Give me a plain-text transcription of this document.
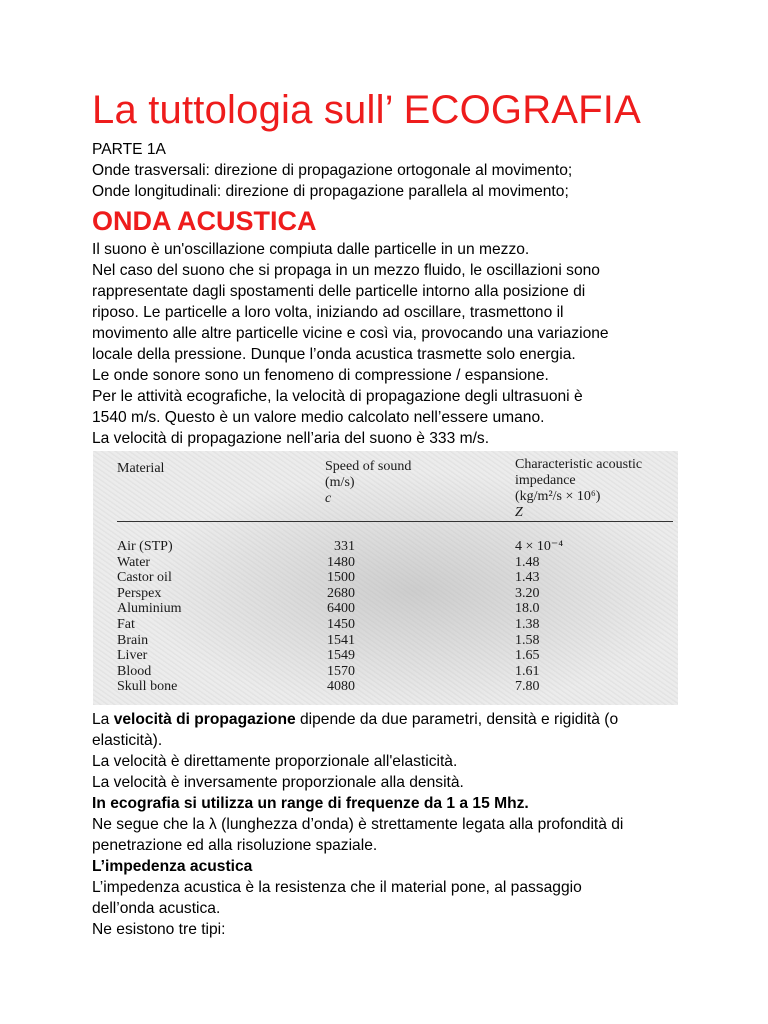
La tuttologia sull’ ECOGRAFIA

PARTE 1A

Onde trasversali: direzione di propagazione ortogonale al movimento;

Onde longitudinali: direzione di propagazione parallela al movimento;

ONDA ACUSTICA

Il suono è un'oscillazione compiuta dalle particelle in un mezzo.

Nel caso del suono che si propaga in un mezzo fluido, le oscillazioni sono

rappresentate dagli spostamenti delle particelle intorno alla posizione di

riposo. Le particelle a loro volta, iniziando ad oscillare, trasmettono il

movimento alle altre particelle vicine e così via, provocando una variazione

locale della pressione. Dunque l’onda acustica trasmette solo energia.

Le onde sonore sono un fenomeno di compressione / espansione.

Per le attività ecografiche, la velocità di propagazione degli ultrasuoni è

1540 m/s. Questo è un valore medio calcolato nell’essere umano.

La velocità di propagazione nell’aria del suono è 333 m/s.

Material	Speed of sound
(m/s)
c
Characteristic acoustic
impedance
(kg/m²/s × 10⁶)
Z
Air (STP)
Water
Castor oil
Perspex
Aluminium
Fat
Brain
Liver
Blood
Skull bone
331
1480
1500
2680
6400
1450
1541
1549
1570
4080
4 × 10⁻⁴
1.48
1.43
3.20
18.0
1.38
1.58
1.65
1.61
7.80

La velocità di propagazione dipende da due parametri, densità e rigidità (o

elasticità).

La velocità è direttamente proporzionale all'elasticità.

La velocità è inversamente proporzionale alla densità.

In ecografia si utilizza un range di frequenze da 1 a 15 Mhz.

Ne segue che la λ (lunghezza d’onda) è strettamente legata alla profondità di

penetrazione ed alla risoluzione spaziale.

L’impedenza acustica

L’impedenza acustica è la resistenza che il material pone, al passaggio

dell’onda acustica.

Ne esistono tre tipi:
